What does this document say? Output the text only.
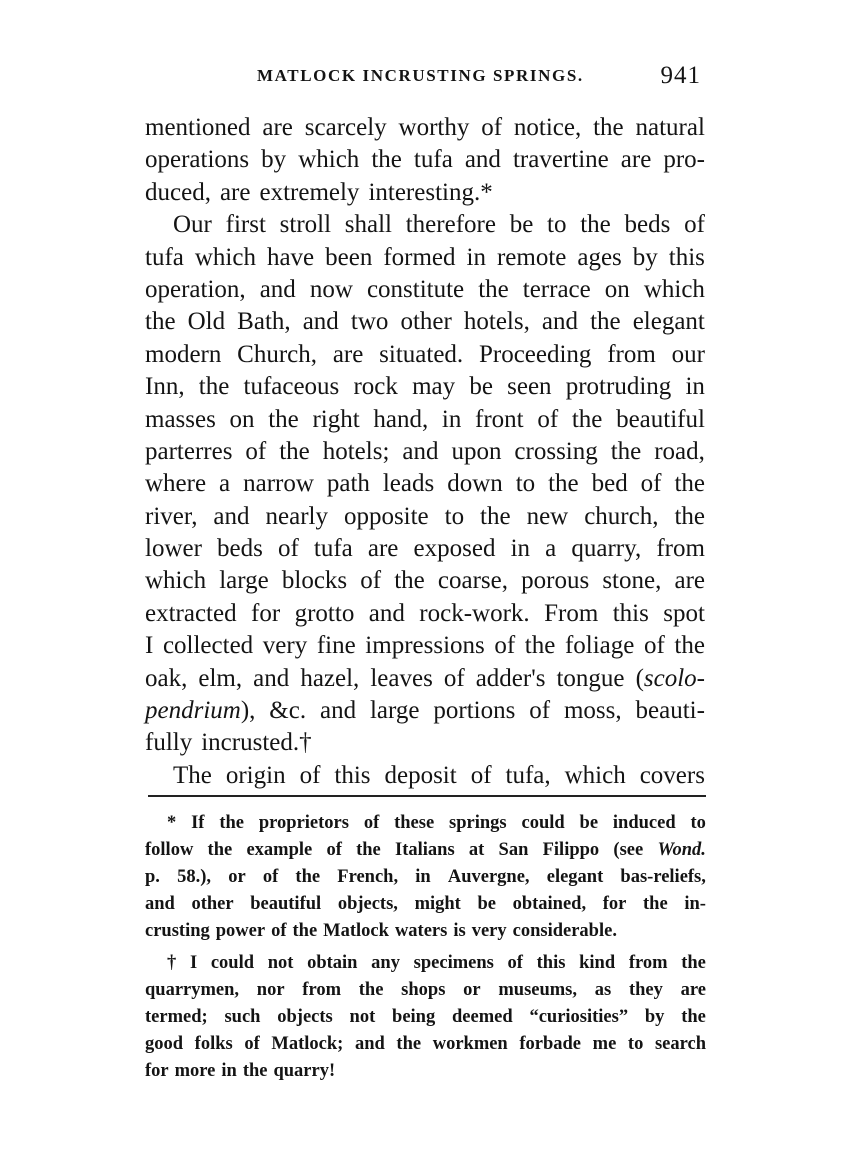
MATLOCK INCRUSTING SPRINGS.	941
mentioned are scarcely worthy of notice, the natural
operations by which the tufa and travertine are pro-
duced, are extremely interesting.*
Our first stroll shall therefore be to the beds of
tufa which have been formed in remote ages by this
operation, and now constitute the terrace on which
the Old Bath, and two other hotels, and the elegant
modern Church, are situated. Proceeding from our
Inn, the tufaceous rock may be seen protruding in
masses on the right hand, in front of the beautiful
parterres of the hotels; and upon crossing the road,
where a narrow path leads down to the bed of the
river, and nearly opposite to the new church, the
lower beds of tufa are exposed in a quarry, from
which large blocks of the coarse, porous stone, are
extracted for grotto and rock-work. From this spot
I collected very fine impressions of the foliage of the
oak, elm, and hazel, leaves of adder's tongue (scolo-
pendrium), &c. and large portions of moss, beauti-
fully incrusted.†
The origin of this deposit of tufa, which covers
* If the proprietors of these springs could be induced to
follow the example of the Italians at San Filippo (see Wond.
p. 58.), or of the French, in Auvergne, elegant bas-reliefs,
and other beautiful objects, might be obtained, for the in-
crusting power of the Matlock waters is very considerable.
† I could not obtain any specimens of this kind from the
quarrymen, nor from the shops or museums, as they are
termed; such objects not being deemed “curiosities” by the
good folks of Matlock; and the workmen forbade me to search
for more in the quarry!
